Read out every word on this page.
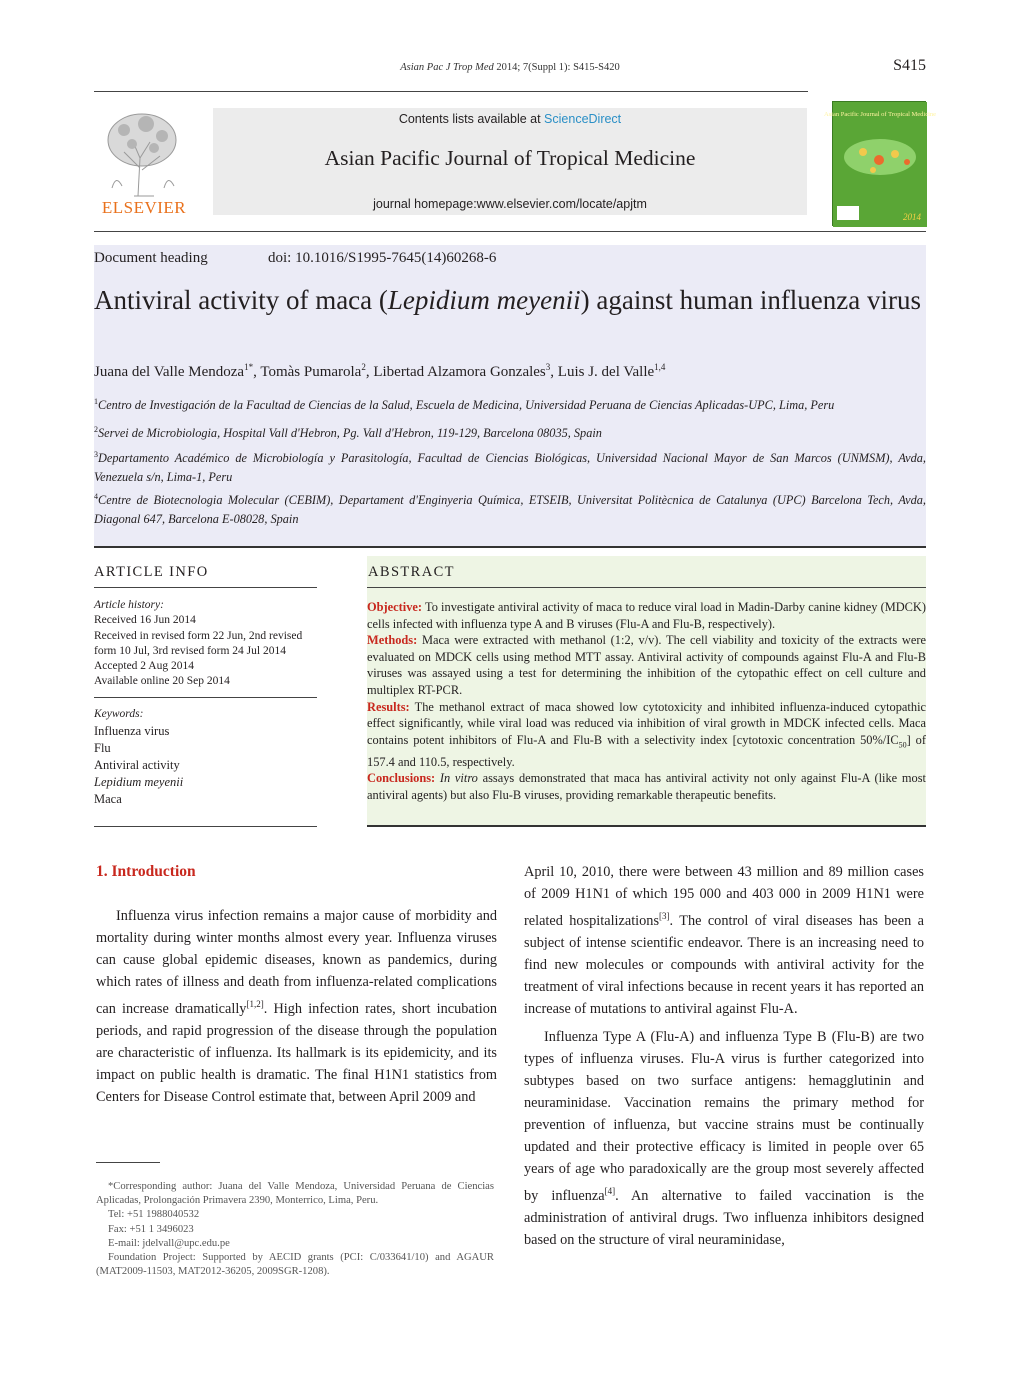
Asian Pac J Trop Med 2014; 7(Suppl 1): S415-S420	S415
ELSEVIER
Contents lists available at ScienceDirect
Asian Pacific Journal of Tropical Medicine
journal homepage:www.elsevier.com/locate/apjtm
Asian Pacific Journal of Tropical Medicine
2014
Document heading	doi: 10.1016/S1995-7645(14)60268-6
Antiviral activity of maca (Lepidium meyenii) against human influenza virus
Juana del Valle Mendoza$^{1*}$, Tomàs Pumarola$^2$, Libertad Alzamora Gonzales$^3$, Luis J. del Valle$^{1,4}$
$^1$Centro de Investigación de la Facultad de Ciencias de la Salud, Escuela de Medicina, Universidad Peruana de Ciencias Aplicadas-UPC, Lima, Peru
$^2$Servei de Microbiologia, Hospital Vall d'Hebron, Pg. Vall d'Hebron, 119-129, Barcelona 08035, Spain
$^3$Departamento Académico de Microbiología y Parasitología, Facultad de Ciencias Biológicas, Universidad Nacional Mayor de San Marcos (UNMSM), Avda, Venezuela s/n, Lima-1, Peru
$^4$Centre de Biotecnologia Molecular (CEBIM), Departament d'Enginyeria Química, ETSEIB, Universitat Politècnica de Catalunya (UPC) Barcelona Tech, Avda, Diagonal 647, Barcelona E-08028, Spain
ARTICLE INFO
Article history:
Received 16 Jun 2014
Received in revised form 22 Jun, 2nd revised form 10 Jul, 3rd revised form 24 Jul 2014
Accepted 2 Aug 2014
Available online 20 Sep 2014
Keywords:
Influenza virus
Flu
Antiviral activity
Lepidium meyenii
Maca
ABSTRACT
Objective: To investigate antiviral activity of maca to reduce viral load in Madin-Darby canine kidney (MDCK) cells infected with influenza type A and B viruses (Flu-A and Flu-B, respectively).
Methods: Maca were extracted with methanol (1:2, v/v). The cell viability and toxicity of the extracts were evaluated on MDCK cells using method MTT assay. Antiviral activity of compounds against Flu-A and Flu-B viruses was assayed using a test for determining the inhibition of the cytopathic effect on cell culture and multiplex RT-PCR.
Results: The methanol extract of maca showed low cytotoxicity and inhibited influenza-induced cytopathic effect significantly, while viral load was reduced via inhibition of viral growth in MDCK infected cells. Maca contains potent inhibitors of Flu-A and Flu-B with a selectivity index [cytotoxic concentration $50\%/IC_{50}$] of 157.4 and 110.5, respectively.
Conclusions: In vitro assays demonstrated that maca has antiviral activity not only against Flu-A (like most antiviral agents) but also Flu-B viruses, providing remarkable therapeutic benefits.
1. Introduction

Influenza virus infection remains a major cause of morbidity and mortality during winter months almost every year. Influenza viruses can cause global epidemic diseases, known as pandemics, during which rates of illness and death from influenza-related complications can increase dramatically[1,2]. High infection rates, short incubation periods, and rapid progression of the disease through the population are characteristic of influenza. Its hallmark is its epidemicity, and its impact on public health is dramatic. The final H1N1 statistics from Centers for Disease Control estimate that, between April 2009 and

April 10, 2010, there were between 43 million and 89 million cases of 2009 H1N1 of which 195 000 and 403 000 in 2009 H1N1 were related hospitalizations[3]. The control of viral diseases has been a subject of intense scientific endeavor. There is an increasing need to find new molecules or compounds with antiviral activity for the treatment of viral infections because in recent years it has reported an increase of mutations to antiviral against Flu-A.

Influenza Type A (Flu-A) and influenza Type B (Flu-B) are two types of influenza viruses. Flu-A virus is further categorized into subtypes based on two surface antigens: hemagglutinin and neuraminidase. Vaccination remains the primary method for prevention of influenza, but vaccine strains must be continually updated and their protective efficacy is limited in people over 65 years of age who paradoxically are the group most severely affected by influenza[4]. An alternative to failed vaccination is the administration of antiviral drugs. Two influenza inhibitors designed based on the structure of viral neuraminidase,

*Corresponding author: Juana del Valle Mendoza, Universidad Peruana de Ciencias Aplicadas, Prolongación Primavera 2390, Monterrico, Lima, Peru.
Tel: +51 1988040532
Fax: +51 1 3496023
E-mail: jdelvall@upc.edu.pe
Foundation Project: Supported by AECID grants (PCI: C/033641/10) and AGAUR (MAT2009-11503, MAT2012-36205, 2009SGR-1208).
